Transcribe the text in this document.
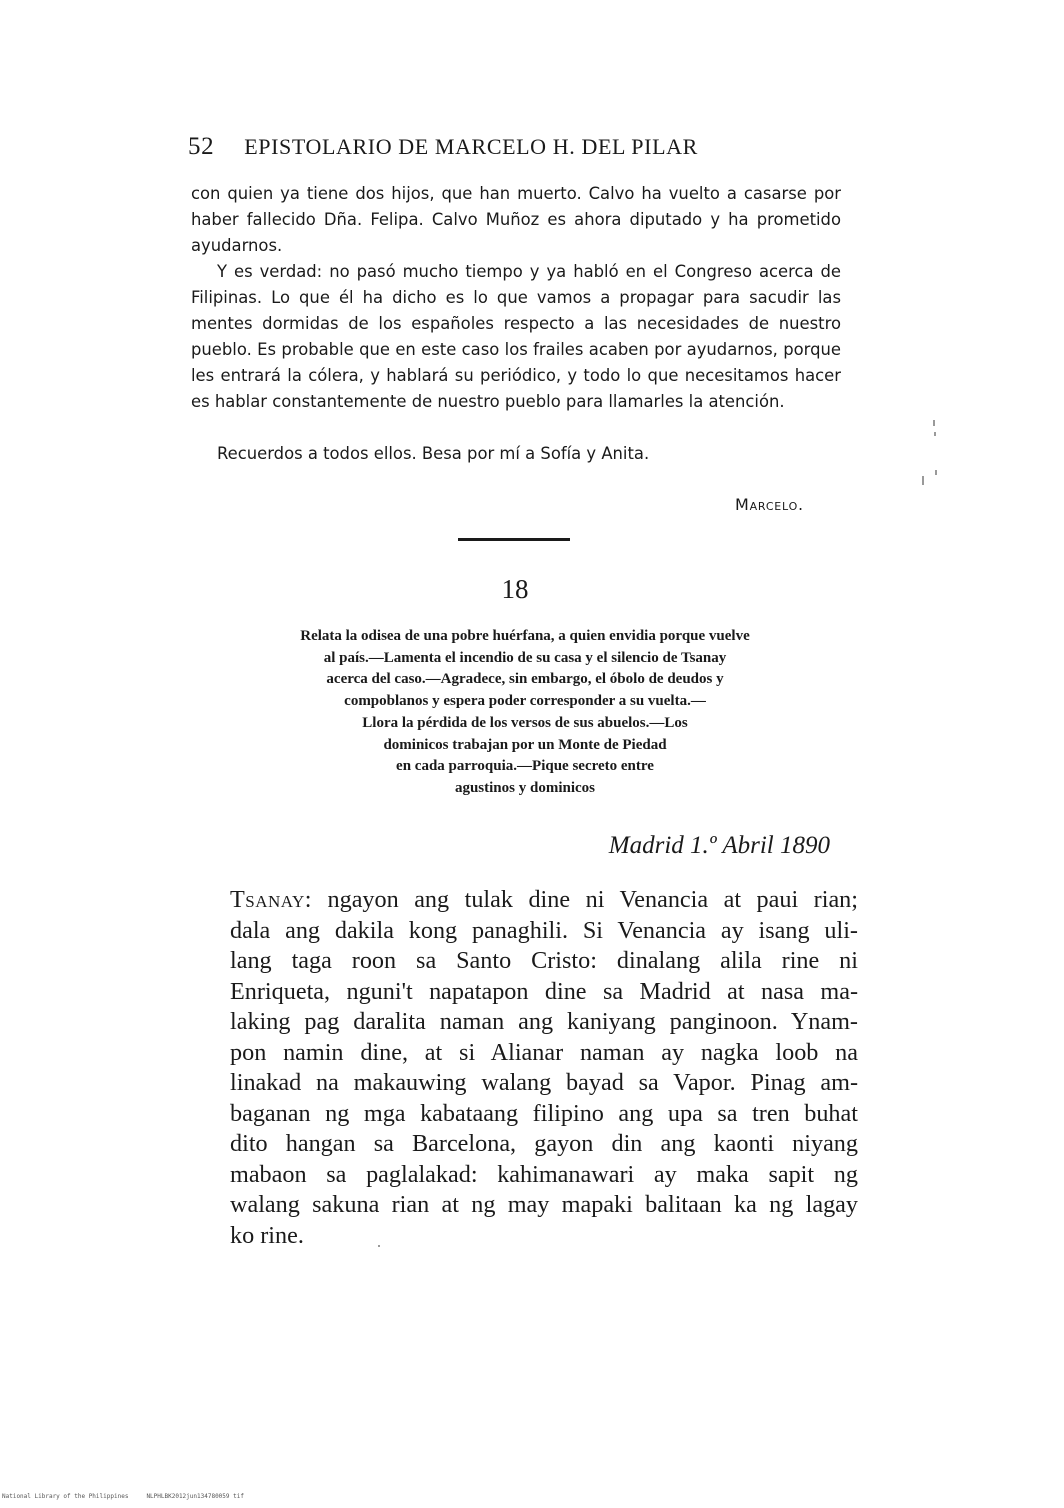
52 EPISTOLARIO DE MARCELO H. DEL PILAR

con quien ya tiene dos hijos, que han muerto. Calvo ha vuelto a casarse por haber fallecido Dña. Felipa. Calvo Muñoz es ahora diputado y ha prometido ayudarnos.

Y es verdad: no pasó mucho tiempo y ya habló en el Congreso acerca de Filipinas. Lo que él ha dicho es lo que vamos a propagar para sacudir las mentes dormidas de los españoles respecto a las necesidades de nuestro pueblo. Es probable que en este caso los frailes acaben por ayudarnos, porque les entrará la cólera, y hablará su periódico, y todo lo que necesitamos hacer es hablar constantemente de nuestro pueblo para llamarles la atención.

Recuerdos a todos ellos. Besa por mí a Sofía y Anita.

Marcelo.
18

Relata la odisea de una pobre huérfana, a quien envidia porque vuelve
al país.—Lamenta el incendio de su casa y el silencio de Tsanay
acerca del caso.—Agradece, sin embargo, el óbolo de deudos y
compoblanos y espera poder corresponder a su vuelta.—
Llora la pérdida de los versos de sus abuelos.—Los
dominicos trabajan por un Monte de Piedad
en cada parroquia.—Pique secreto entre
agustinos y dominicos

Madrid 1.º Abril 1890

Tsanay: ngayon ang tulak dine ni Venancia at paui rian;
dala ang dakila kong panaghili. Si Venancia ay isang uli-
lang taga roon sa Santo Cristo: dinalang alila rine ni
Enriqueta, nguni't napatapon dine sa Madrid at nasa ma-
laking pag daralita naman ang kaniyang panginoon. Ynam-
pon namin dine, at si Alianar naman ay nagka loob na
linakad na makauwing walang bayad sa Vapor. Pinag am-
baganan ng mga kabataang filipino ang upa sa tren buhat
dito hangan sa Barcelona, gayon din ang kaonti niyang
mabaon sa paglalakad: kahimanawari ay maka sapit ng
walang sakuna rian at ng may mapaki balitaan ka ng lagay
ko rine.

National Library of the Philippines	NLPHLBK2012jun134780059 tif
